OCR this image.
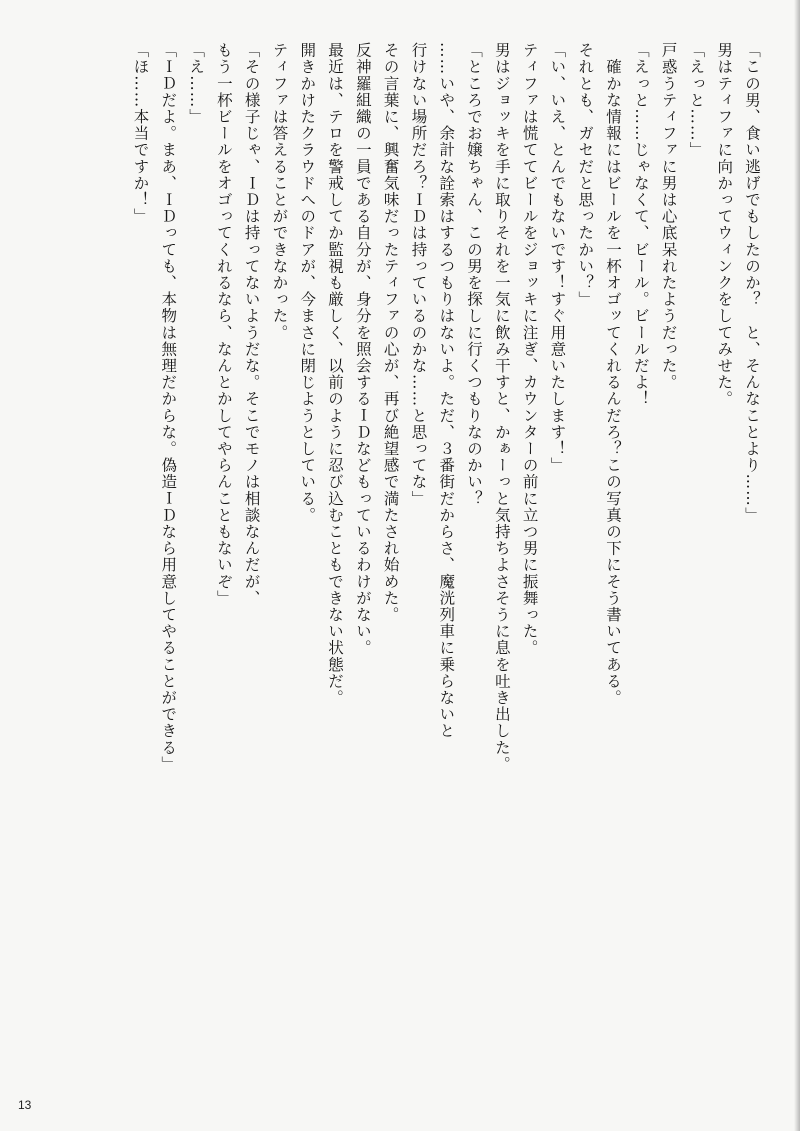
「この男、食い逃げでもしたのか？　と、そんなことより……」
男はティファに向かってウィンクをしてみせた。
「えっと……」
戸惑うティファに男は心底呆れたようだった。
「えっと……じゃなくて、ビール。ビールだよ！
　確かな情報にはビールを一杯オゴッてくれるんだろ？この写真の下にそう書いてある。
それとも、ガセだと思ったかい？」
「い、いえ、とんでもないです！すぐ用意いたします！」
ティファは慌ててビールをジョッキに注ぎ、カウンターの前に立つ男に振舞った。
男はジョッキを手に取りそれを一気に飲み干すと、かぁーっと気持ちよさそうに息を吐き出した。
「ところでお嬢ちゃん、この男を探しに行くつもりなのかい？
……いや、余計な詮索はするつもりはないよ。ただ、３番街だからさ、魔洸列車に乗らないと
行けない場所だろ？ＩＤは持っているのかな……と思ってな」
その言葉に、興奮気味だったティファの心が、再び絶望感で満たされ始めた。
反神羅組織の一員である自分が、身分を照会するＩＤなどもっているわけがない。
最近は、テロを警戒してか監視も厳しく、以前のように忍び込むこともできない状態だ。
開きかけたクラウドへのドアが、今まさに閉じようとしている。
ティファは答えることができなかった。
「その様子じゃ、ＩＤは持ってないようだな。そこでモノは相談なんだが、
もう一杯ビールをオゴってくれるなら、なんとかしてやらんこともないぞ」
「え……」
「ＩＤだよ。まあ、ＩＤっても、本物は無理だからな。偽造ＩＤなら用意してやることができる」
「ほ……本当ですか！」
13
